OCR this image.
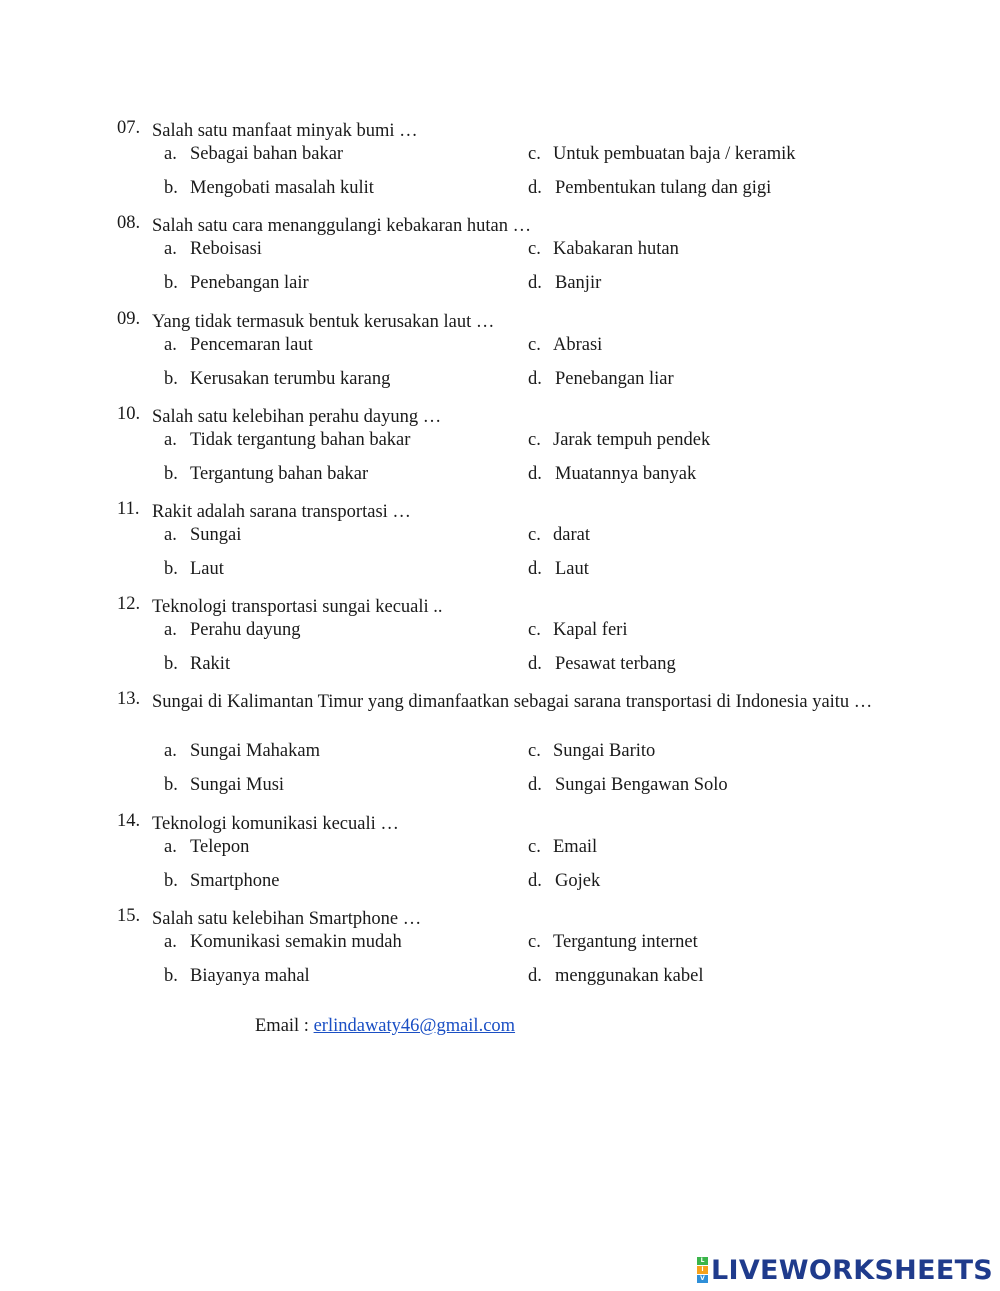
07. Salah satu manfaat minyak bumi …
a. Sebagai bahan bakar	c. Untuk pembuatan baja / keramik
b. Mengobati masalah kulit	d. Pembentukan tulang dan gigi
08. Salah satu cara menanggulangi kebakaran hutan …
a. Reboisasi	c. Kabakaran hutan
b. Penebangan lair	d. Banjir
09. Yang tidak termasuk bentuk kerusakan laut …
a. Pencemaran laut	c. Abrasi
b. Kerusakan terumbu karang	d. Penebangan liar
10. Salah satu kelebihan perahu dayung …
a. Tidak tergantung bahan bakar	c. Jarak tempuh pendek
b. Tergantung bahan bakar	d. Muatannya banyak
11. Rakit adalah sarana transportasi …
a. Sungai	c. darat
b. Laut	d. Laut
12. Teknologi transportasi sungai kecuali ..
a. Perahu dayung	c. Kapal feri
b. Rakit	d. Pesawat terbang
13. Sungai di Kalimantan Timur yang dimanfaatkan sebagai sarana transportasi di Indonesia yaitu …
a. Sungai Mahakam	c. Sungai Barito
b. Sungai Musi	d. Sungai Bengawan Solo
14. Teknologi komunikasi kecuali …
a. Telepon	c. Email
b. Smartphone	d. Gojek
15. Salah satu kelebihan Smartphone …
a. Komunikasi semakin mudah	c. Tergantung internet
b. Biayanya mahal	d. menggunakan kabel
Email : erlindawaty46@gmail.com
L
I
V LIVEWORKSHEETS
